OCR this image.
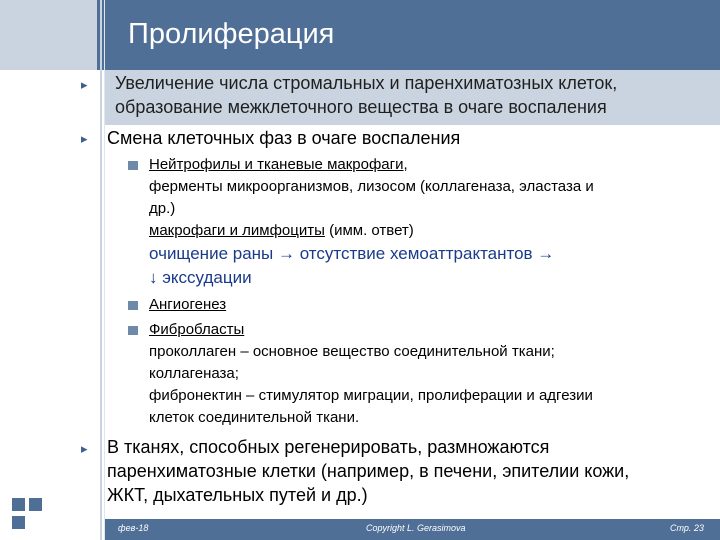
Пролиферация
▸ Увеличение числа стромальных и паренхиматозных клеток,
образование межклеточного вещества в очаге воспаления
▸ Смена клеточных фаз в очаге воспаления
Нейтрофилы и тканевые макрофаги,
ферменты микроорганизмов, лизосом (коллагеназа, эластаза и
др.)
макрофаги и лимфоциты (имм. ответ)
очищение раны → отсутствие хемоаттрактантов →
↓ экссудации
Ангиогенез
Фибробласты
проколлаген – основное вещество соединительной ткани;
коллагеназа;
фибронектин – стимулятор миграции, пролиферации и адгезии
клеток соединительной ткани.
▸ В тканях, способных регенерировать, размножаются
паренхиматозные клетки (например, в печени, эпителии кожи,
ЖКТ, дыхательных путей и др.)
фев-18	Copyright L. Gerasimova	Стр. 23
